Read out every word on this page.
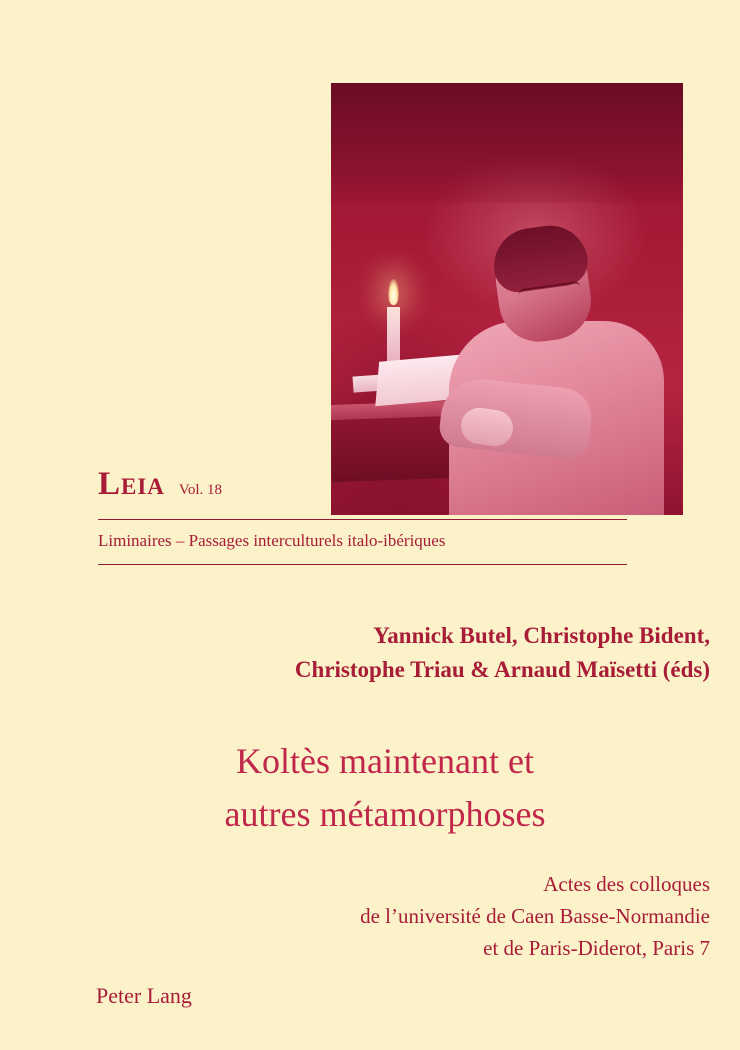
Leia Vol. 18
Liminaires – Passages interculturels italo-ibériques
Yannick Butel, Christophe Bident,
Christophe Triau & Arnaud Maïsetti (éds)
Koltès maintenant et
autres métamorphoses
Actes des colloques
de l’université de Caen Basse-Normandie
et de Paris-Diderot, Paris 7
Peter Lang
